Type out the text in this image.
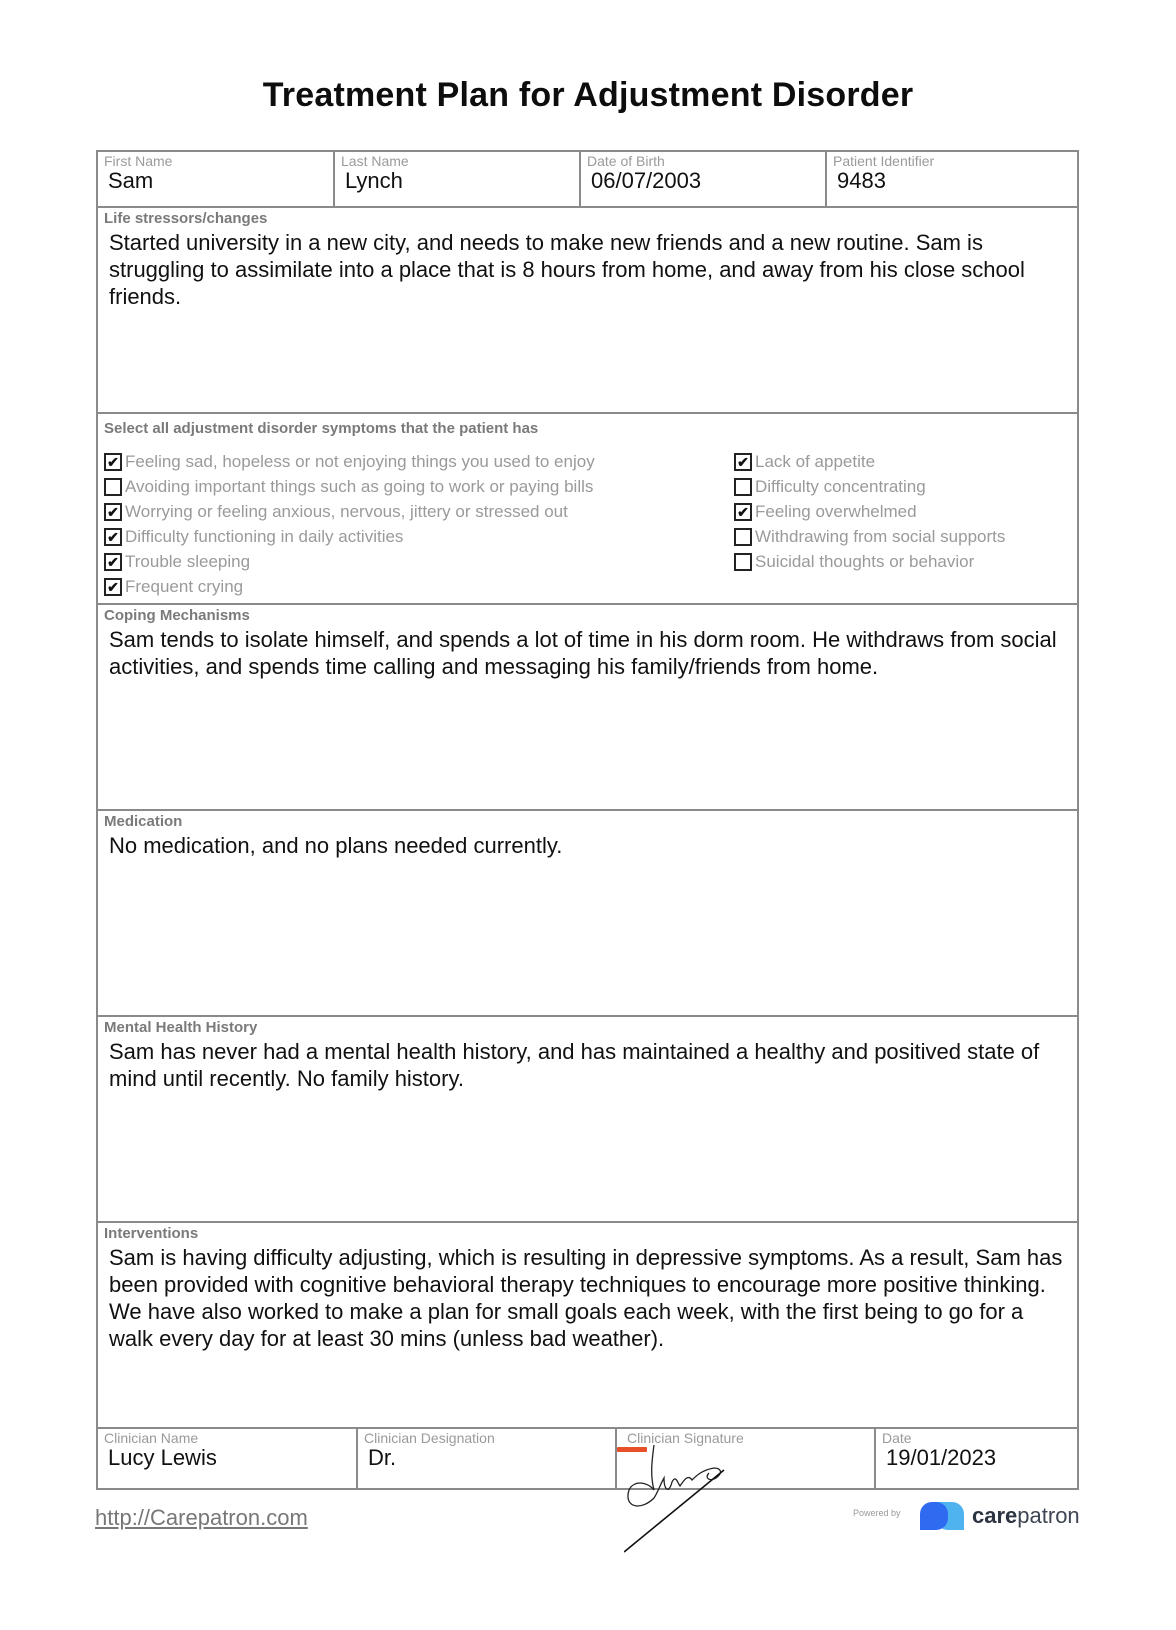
Treatment Plan for Adjustment Disorder
First Name
Sam
Last Name
Lynch
Date of Birth
06/07/2003
Patient Identifier
9483
Life stressors/changes
Started university in a new city, and needs to make new friends and a new routine. Sam is struggling to assimilate into a place that is 8 hours from home, and away from his close school friends.
Select all adjustment disorder symptoms that the patient has
✔ Feeling sad, hopeless or not enjoying things you used to enjoy
Avoiding important things such as going to work or paying bills
✔ Worrying or feeling anxious, nervous, jittery or stressed out
✔ Difficulty functioning in daily activities
✔ Trouble sleeping
✔ Frequent crying
✔ Lack of appetite
Difficulty concentrating
✔ Feeling overwhelmed
Withdrawing from social supports
Suicidal thoughts or behavior
Coping Mechanisms
Sam tends to isolate himself, and spends a lot of time in his dorm room. He withdraws from social activities, and spends time calling and messaging his family/friends from home.
Medication
No medication, and no plans needed currently.
Mental Health History
Sam has never had a mental health history, and has maintained a healthy and positived state of mind until recently. No family history.
Interventions
Sam is having difficulty adjusting, which is resulting in depressive symptoms. As a result, Sam has been provided with cognitive behavioral therapy techniques to encourage more positive thinking. We have also worked to make a plan for small goals each week, with the first being to go for a walk every day for at least 30 mins (unless bad weather).
Clinician Name
Lucy Lewis
Clinician Designation
Dr.
Clinician Signature	Date
19/01/2023
http://Carepatron.com	Powered by	carepatron
